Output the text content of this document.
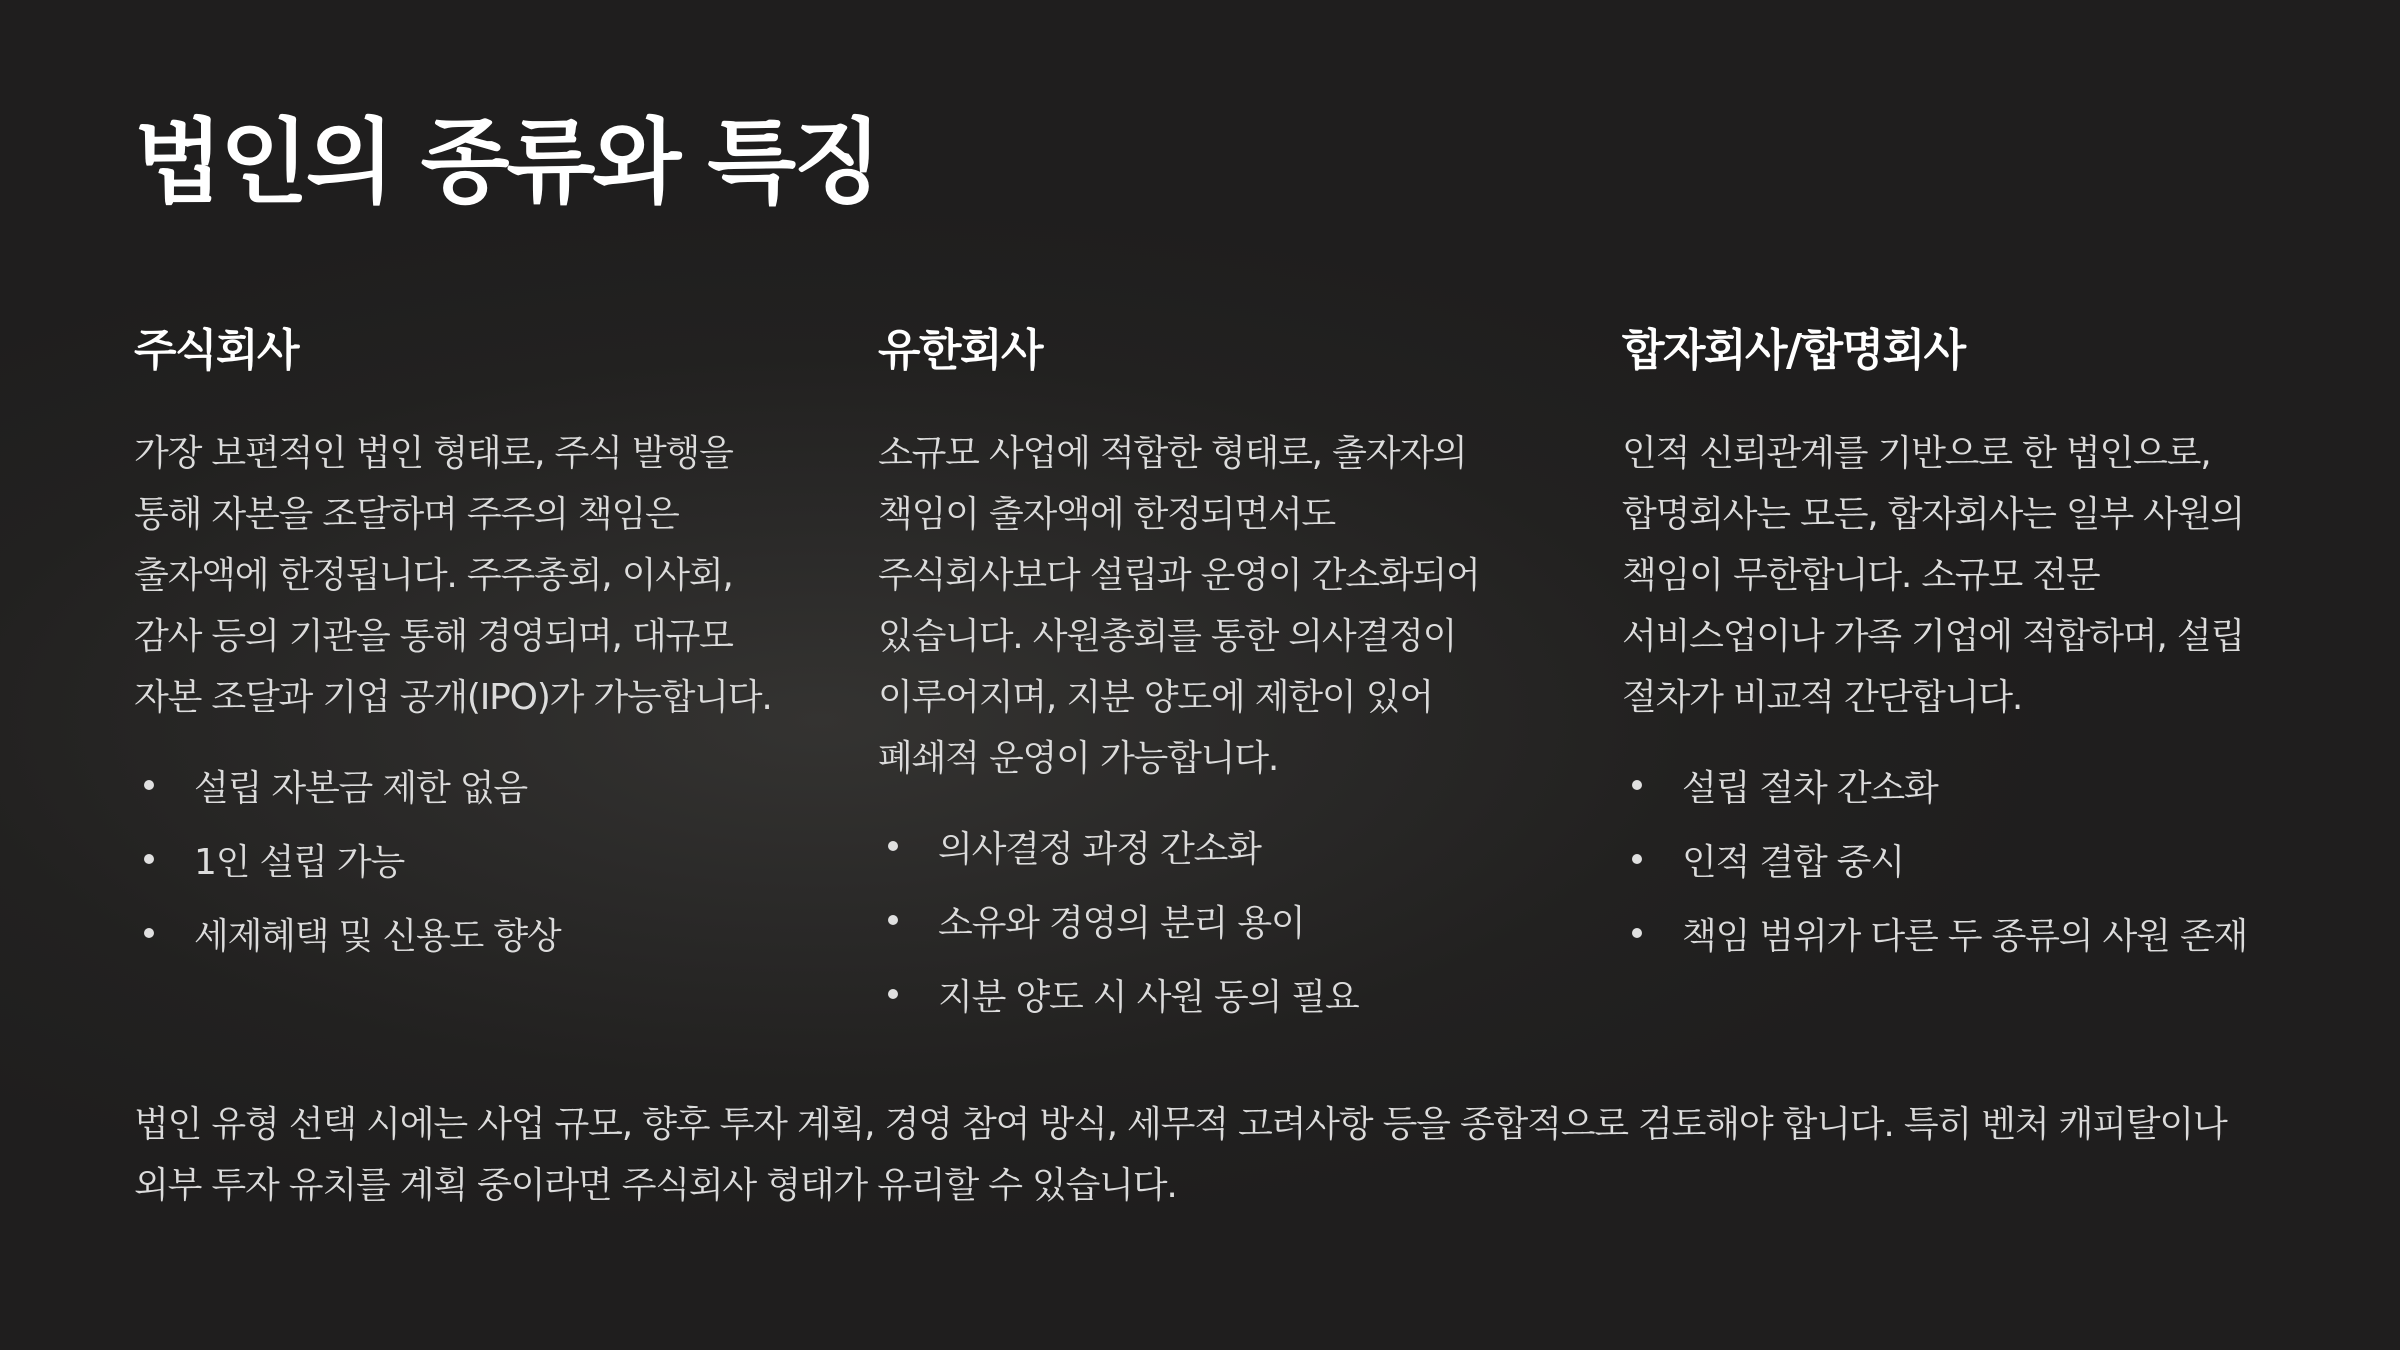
법인의 종류와 특징
주식회사

가장 보편적인 법인 형태로, 주식 발행을 통해 자본을 조달하며 주주의 책임은 출자액에 한정됩니다. 주주총회, 이사회, 감사 등의 기관을 통해 경영되며, 대규모 자본 조달과 기업 공개(IPO)가 가능합니다.

설립 자본금 제한 없음
1인 설립 가능
세제혜택 및 신용도 향상
유한회사

소규모 사업에 적합한 형태로, 출자자의 책임이 출자액에 한정되면서도 주식회사보다 설립과 운영이 간소화되어 있습니다. 사원총회를 통한 의사결정이 이루어지며, 지분 양도에 제한이 있어 폐쇄적 운영이 가능합니다.

의사결정 과정 간소화
소유와 경영의 분리 용이
지분 양도 시 사원 동의 필요
합자회사/합명회사

인적 신뢰관계를 기반으로 한 법인으로, 합명회사는 모든, 합자회사는 일부 사원의 책임이 무한합니다. 소규모 전문 서비스업이나 가족 기업에 적합하며, 설립 절차가 비교적 간단합니다.

설립 절차 간소화
인적 결합 중시
책임 범위가 다른 두 종류의 사원 존재

법인 유형 선택 시에는 사업 규모, 향후 투자 계획, 경영 참여 방식, 세무적 고려사항 등을 종합적으로 검토해야 합니다. 특히 벤처 캐피탈이나 외부 투자 유치를 계획 중이라면 주식회사 형태가 유리할 수 있습니다.
